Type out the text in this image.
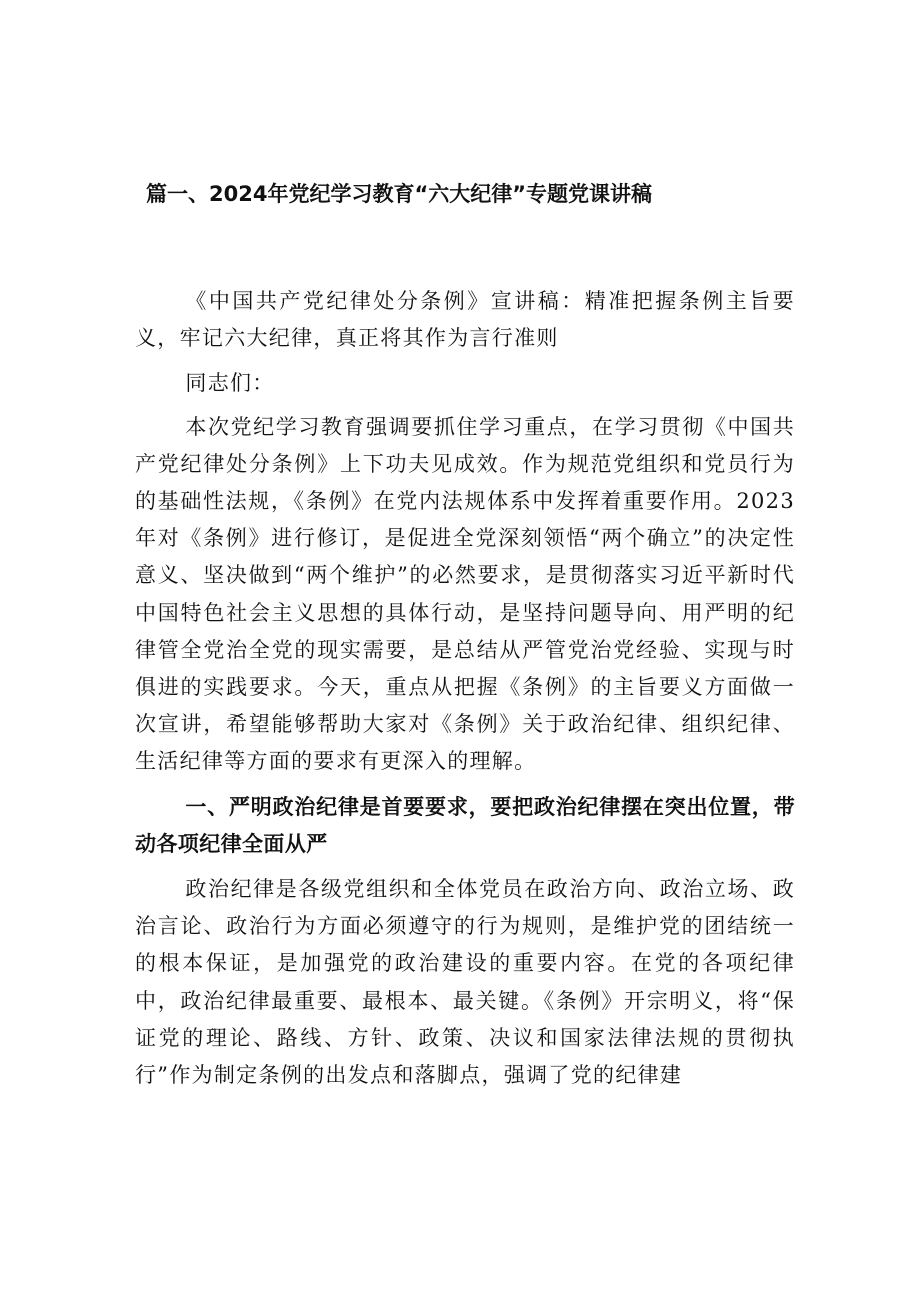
篇一、2024年党纪学习教育“六大纪律”专题党课讲稿

《中国共产党纪律处分条例》宣讲稿：精准把握条例主旨要义，牢记六大纪律，真正将其作为言行准则

同志们：

本次党纪学习教育强调要抓住学习重点，在学习贯彻《中国共产党纪律处分条例》上下功夫见成效。作为规范党组织和党员行为的基础性法规，《条例》在党内法规体系中发挥着重要作用。2023年对《条例》进行修订，是促进全党深刻领悟“两个确立”的决定性意义、坚决做到“两个维护”的必然要求，是贯彻落实习近平新时代中国特色社会主义思想的具体行动，是坚持问题导向、用严明的纪律管全党治全党的现实需要，是总结从严管党治党经验、实现与时俱进的实践要求。今天，重点从把握《条例》的主旨要义方面做一次宣讲，希望能够帮助大家对《条例》关于政治纪律、组织纪律、生活纪律等方面的要求有更深入的理解。

一、严明政治纪律是首要要求，要把政治纪律摆在突出位置，带动各项纪律全面从严

政治纪律是各级党组织和全体党员在政治方向、政治立场、政治言论、政治行为方面必须遵守的行为规则，是维护党的团结统一的根本保证，是加强党的政治建设的重要内容。在党的各项纪律中，政治纪律最重要、最根本、最关键。《条例》开宗明义，将“保证党的理论、路线、方针、政策、决议和国家法律法规的贯彻执行”作为制定条例的出发点和落脚点，强调了党的纪律建
